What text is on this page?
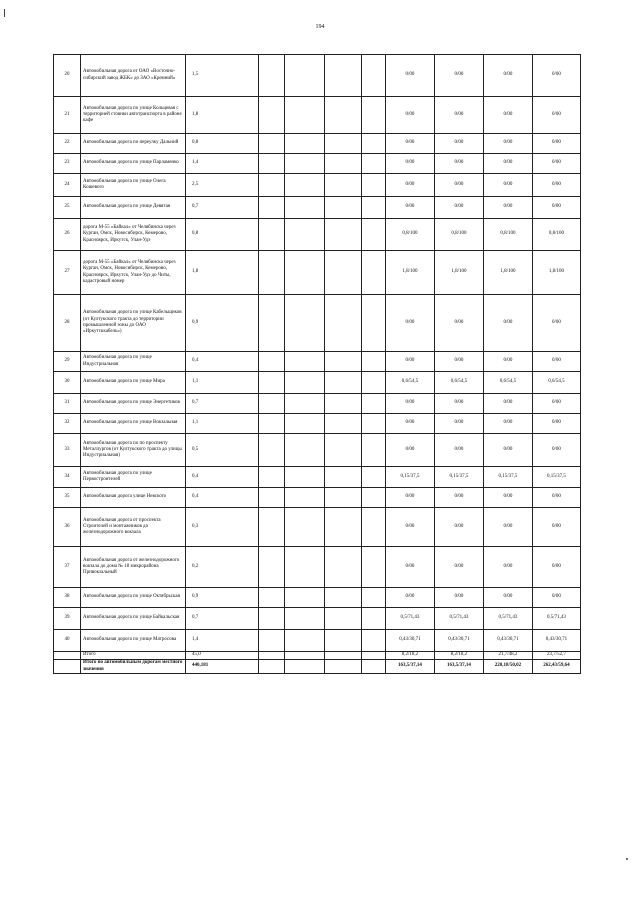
194
20	Автомобильная дорога от ОАО «Восточно-сибирский завод ЖБК» до ЗАО «Кремний»	1,5					0/00	0/00	0/00	0/00
21	Автомобильная дорога по улице Кольцевая с территорией стоянки автотранспорта в районе кафе	1,8					0/00	0/00	0/00	0/00
22	Автомобильная дорога по переулку Дальний	0,8					0/00	0/00	0/00	0/00
23	Автомобильная дорога по улице Парламенко	1,4					0/00	0/00	0/00	0/00
24	Автомобильная дорога по улице Олега Кошевого	2,5					0/00	0/00	0/00	0/00
25	Автомобильная дорога по улице Девятая	0,7					0/00	0/00	0/00	0/00
26	дорога М-55 «Байкал» от Челябинска через Курган, Омск, Новосибирск, Кемерово, Красноярск, Иркутск, Улан-Удэ	0,8					0,8/100	0,8/100	0,8/100	0,8/100
27	дорога М-55 «Байкал» от Челябинска через Курган, Омск, Новосибирск, Кемерово, Красноярск, Иркутск, Улан-Удэ до Читы, кадастровый номер	1,8					1,8/100	1,8/100	1,8/100	1,8/100
28	Автомобильная дорога по улице Кабельщиков (от Култукского тракта до территории промышленной зоны до ОАО «Иркутсккабель»)	0,9					0/00	0/00	0/00	0/00
29	Автомобильная дорога по улице Индустриальная	0,4					0/00	0/00	0/00	0/00
30	Автомобильная дорога по улице Мира	1,1					0,6/54,5	0,6/54,5	0,6/54,5	0,6/54,5
31	Автомобильная дорога по улице Энергетиков	0,7					0/00	0/00	0/00	0/00
32	Автомобильная дорога по улице Вокзальная	1,1					0/00	0/00	0/00	0/00
33	Автомобильная дорога по по проспекту Металлургов (от Култукского тракта до улицы Индустриальная)	0,5					0/00	0/00	0/00	0/00
34	Автомобильная дорога по улице Первостроителей	0,4					0,15/37,5	0,15/37,5	0,15/37,5	0,15/37,5
35	Автомобильная дорога улице Невского	0,4					0/00	0/00	0/00	0/00
36	Автомобильная дорога от проспекта Строителей и монтажников до железнодорожного вокзала	0,3					0/00	0/00	0/00	0/00
37	Автомобильная дорога от железнодорожного вокзала до дома № 18 микрорайона Привокзальный	0,2					0/00	0/00	0/00	0/00
38	Автомобильная дорога по улице Октябрьская	0,9					0/00	0/00	0/00	0/00
39	Автомобильная дорога по улице Байкальская	0,7					0,5/71,43	0,5/71,43	0,5/71,43	0,5/71,43
40	Автомобильная дорога по улице Матросова	1,4					0,43/30,71	0,43/30,71	0,43/30,71	0,43/30,71
	Итого	45,0					8,2/18,2	8,2/18,2	21,7/48,2	23,7/52,7
	Итого по автомобильным дорогам местного значения	440,181					163,5/37,14	163,5/37,14	220,18/50,02	262,43/59,64
